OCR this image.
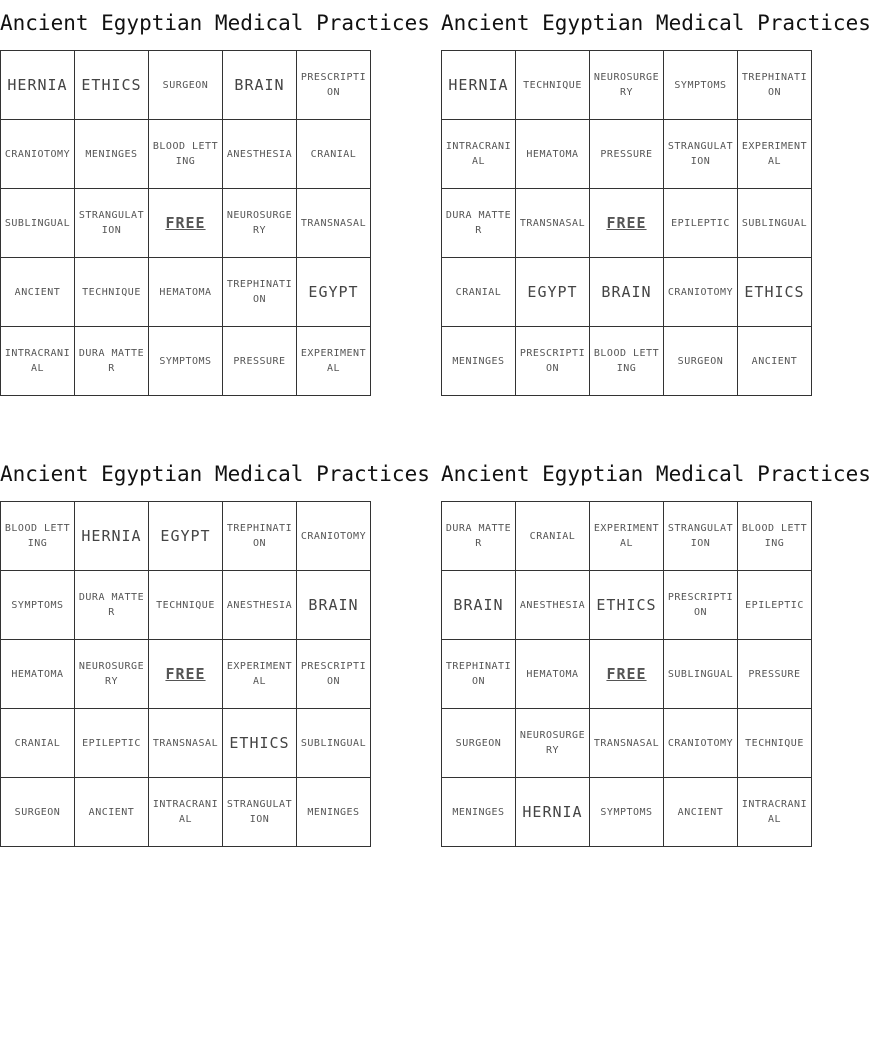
Ancient Egyptian Medical Practices
HERNIA	ETHICS	SURGEON	BRAIN	PRESCRIPTION
CRANIOTOMY	MENINGES	BLOOD LETTING	ANESTHESIA	CRANIAL
SUBLINGUAL	STRANGULATION	FREE	NEUROSURGERY	TRANSNASAL
ANCIENT	TECHNIQUE	HEMATOMA	TREPHINATION	EGYPT
INTRACRANIAL	DURA MATTER	SYMPTOMS	PRESSURE	EXPERIMENTAL
Ancient Egyptian Medical Practices
HERNIA	TECHNIQUE	NEUROSURGERY	SYMPTOMS	TREPHINATION
INTRACRANIAL	HEMATOMA	PRESSURE	STRANGULATION	EXPERIMENTAL
DURA MATTER	TRANSNASAL	FREE	EPILEPTIC	SUBLINGUAL
CRANIAL	EGYPT	BRAIN	CRANIOTOMY	ETHICS
MENINGES	PRESCRIPTION	BLOOD LETTING	SURGEON	ANCIENT
Ancient Egyptian Medical Practices
BLOOD LETTING	HERNIA	EGYPT	TREPHINATION	CRANIOTOMY
SYMPTOMS	DURA MATTER	TECHNIQUE	ANESTHESIA	BRAIN
HEMATOMA	NEUROSURGERY	FREE	EXPERIMENTAL	PRESCRIPTION
CRANIAL	EPILEPTIC	TRANSNASAL	ETHICS	SUBLINGUAL
SURGEON	ANCIENT	INTRACRANIAL	STRANGULATION	MENINGES
Ancient Egyptian Medical Practices
DURA MATTER	CRANIAL	EXPERIMENTAL	STRANGULATION	BLOOD LETTING
BRAIN	ANESTHESIA	ETHICS	PRESCRIPTION	EPILEPTIC
TREPHINATION	HEMATOMA	FREE	SUBLINGUAL	PRESSURE
SURGEON	NEUROSURGERY	TRANSNASAL	CRANIOTOMY	TECHNIQUE
MENINGES	HERNIA	SYMPTOMS	ANCIENT	INTRACRANIAL
